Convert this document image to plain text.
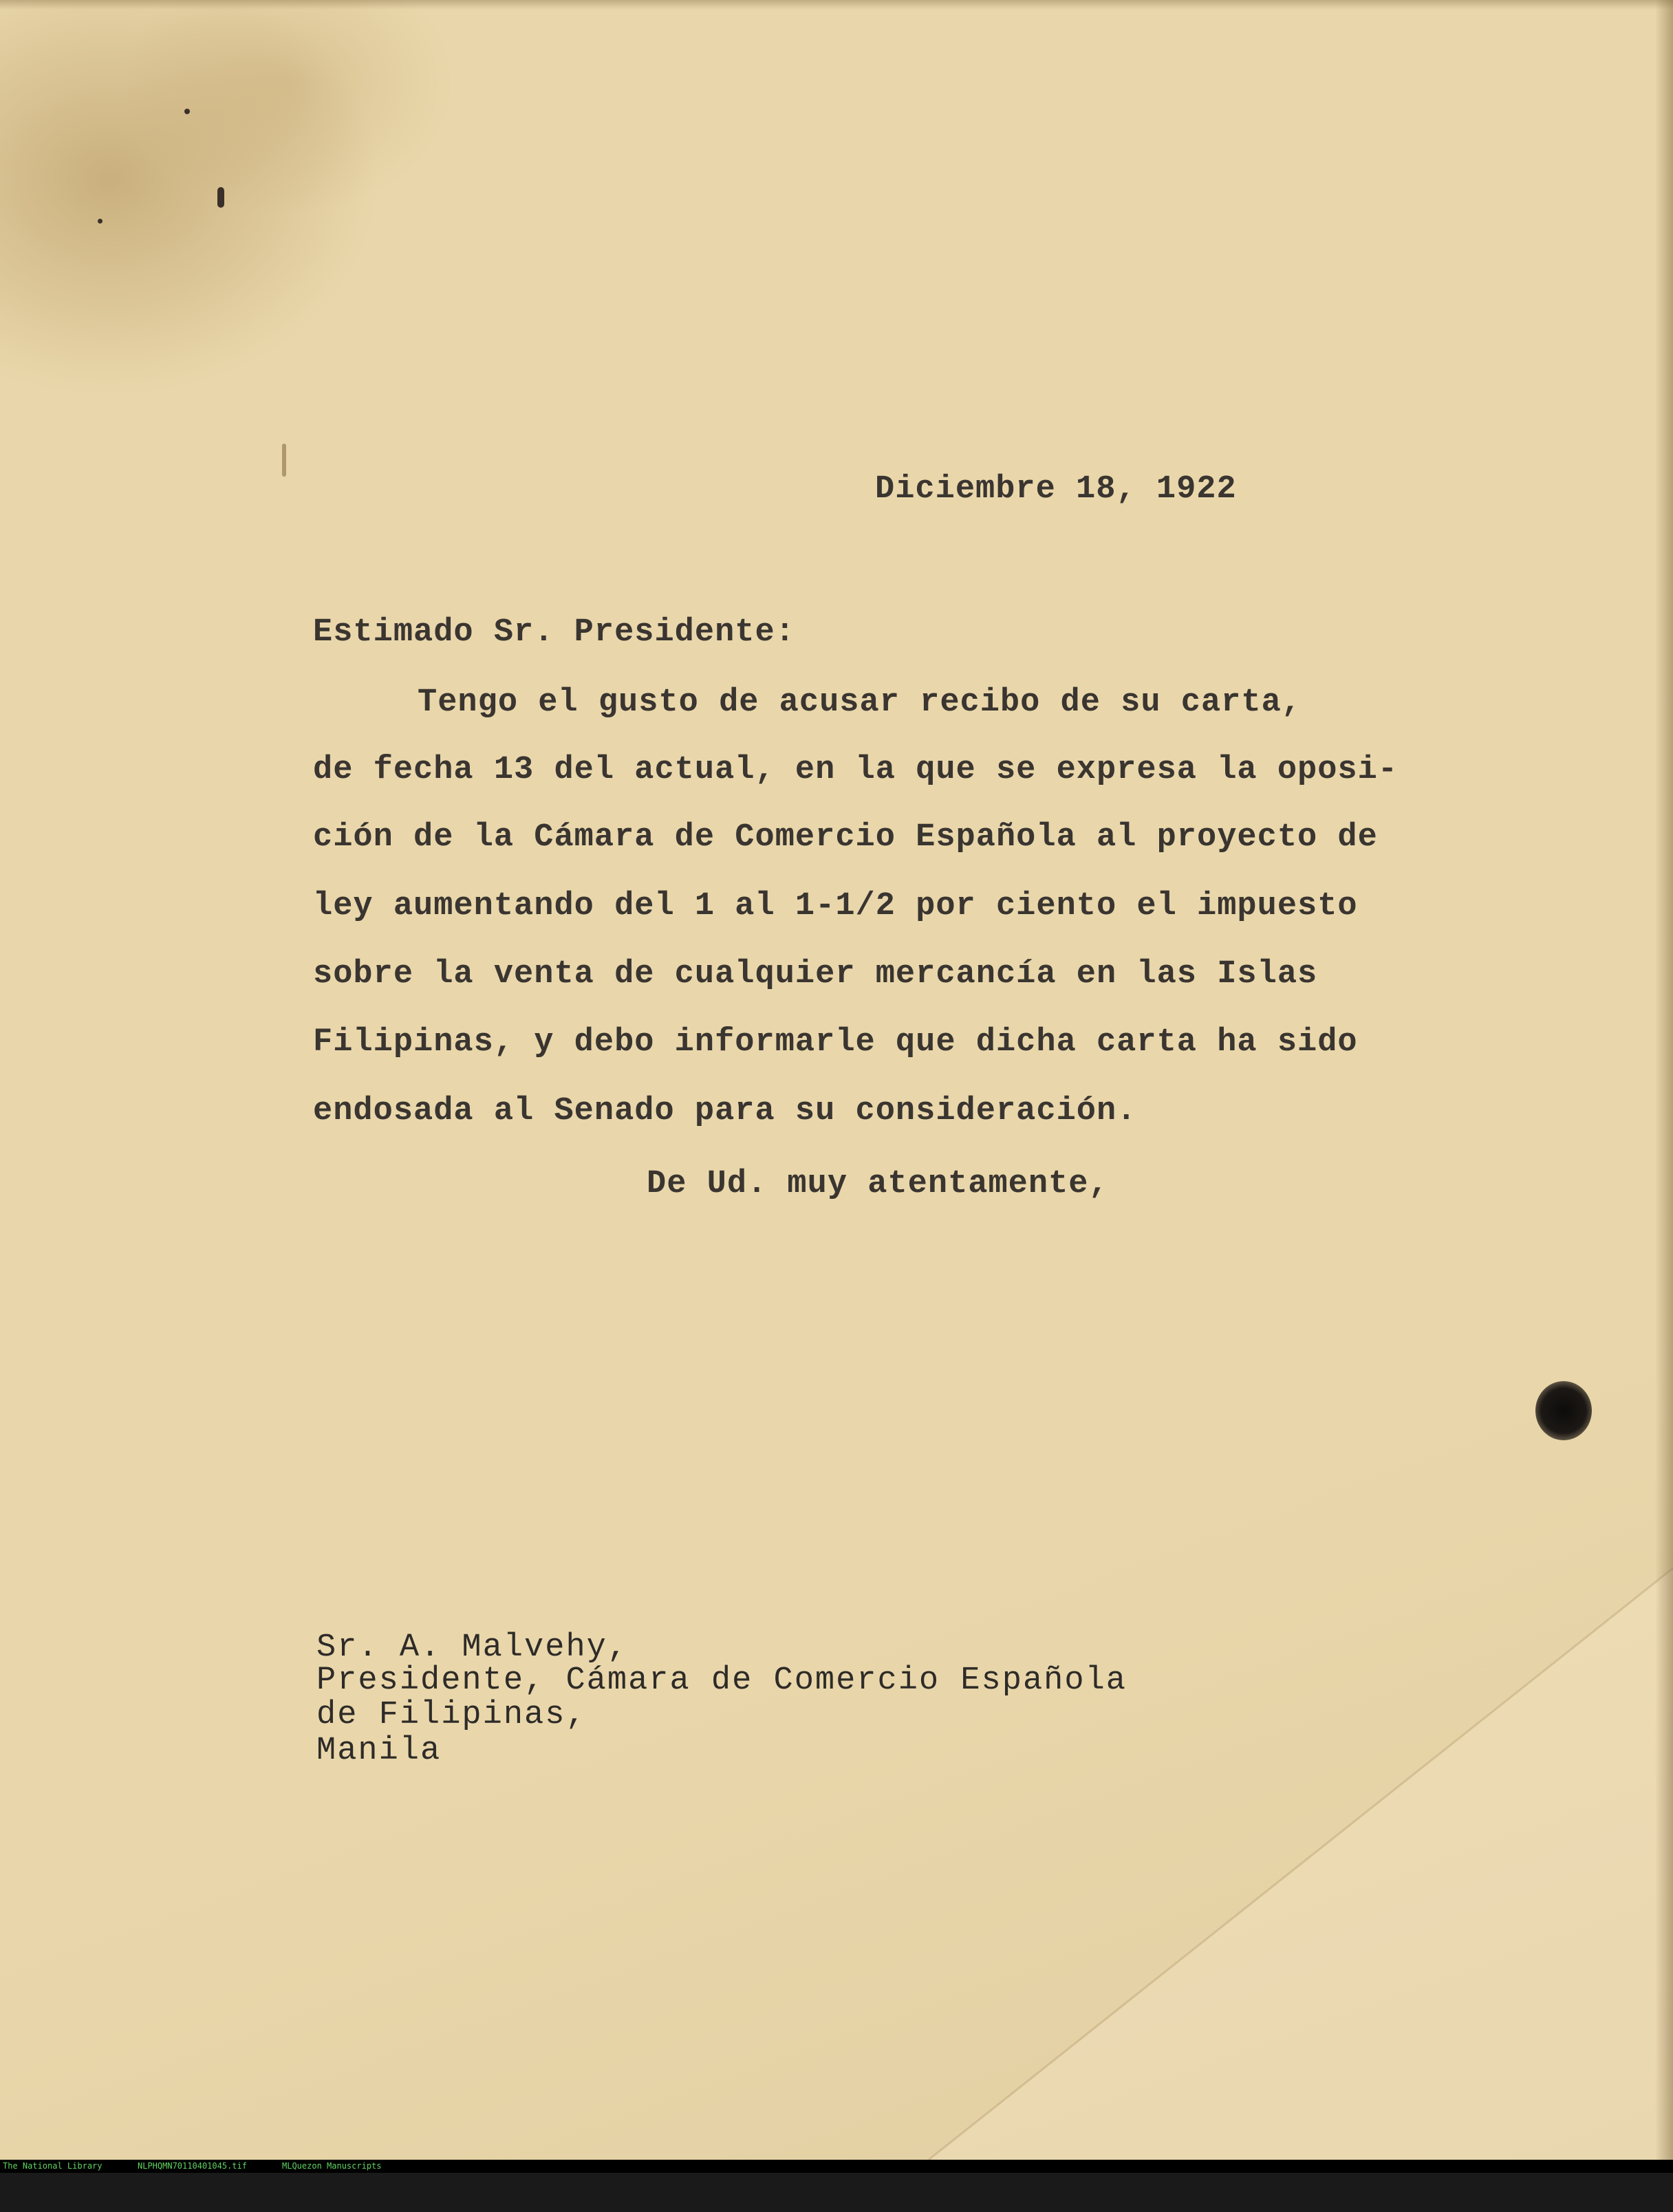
Diciembre 18, 1922
Estimado Sr. Presidente:
Tengo el gusto de acusar recibo de su carta,
de fecha 13 del actual, en la que se expresa la oposi-
ción de la Cámara de Comercio Española al proyecto de
ley aumentando del 1 al 1-1/2 por ciento el impuesto
sobre la venta de cualquier mercancía en las Islas
Filipinas, y debo informarle que dicha carta ha sido
endosada al Senado para su consideración.
De Ud. muy atentamente,
Sr. A. Malvehy,
Presidente, Cámara de Comercio Española
de Filipinas,
Manila

The National Library

	NLPHQMN70110401045.tif

	MLQuezon Manuscripts
